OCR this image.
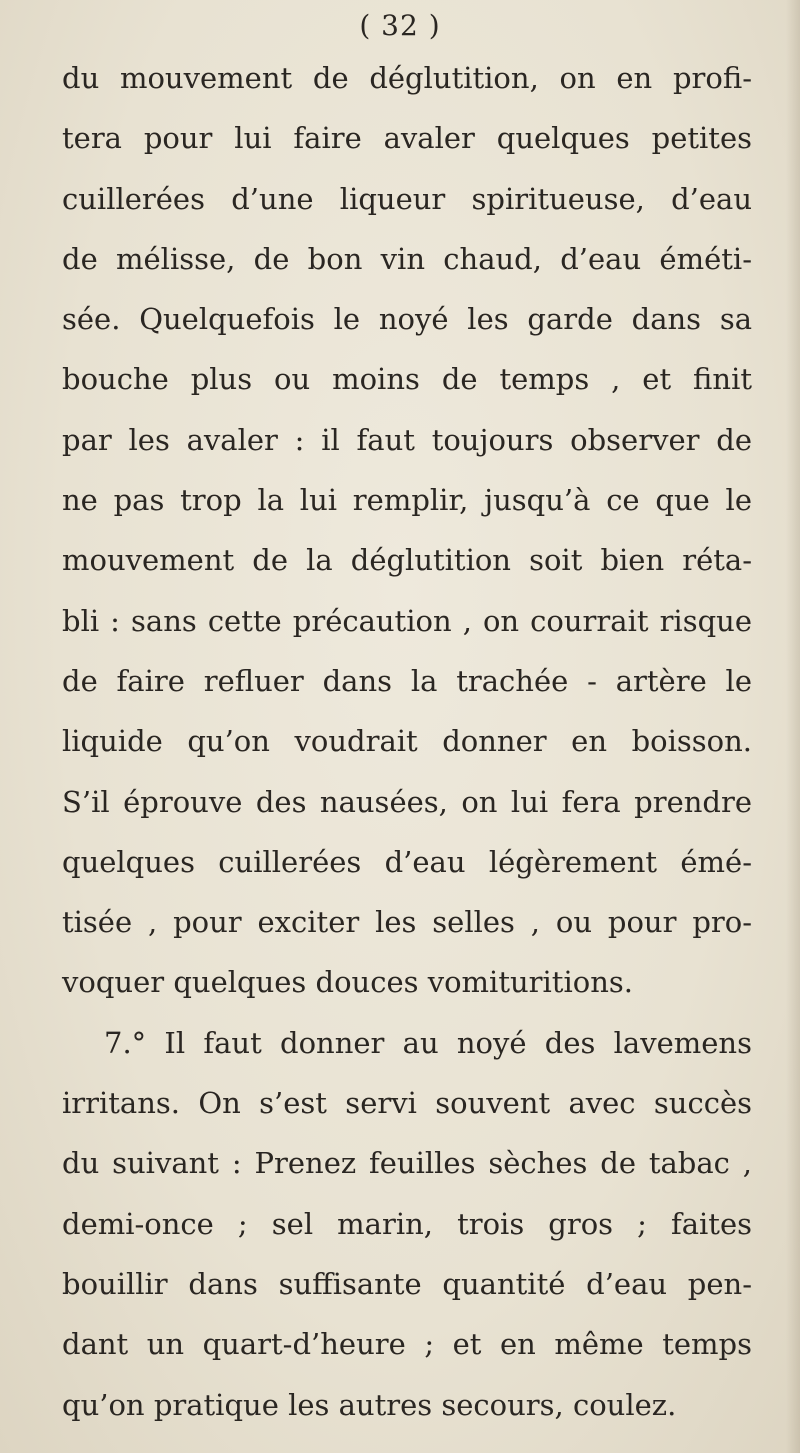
( 32 )
du mouvement de déglutition, on en profi-
tera pour lui faire avaler quelques petites
cuillerées d’une liqueur spiritueuse, d’eau
de mélisse, de bon vin chaud, d’eau éméti-
sée. Quelquefois le noyé les garde dans sa
bouche plus ou moins de temps , et finit
par les avaler : il faut toujours observer de
ne pas trop la lui remplir, jusqu’à ce que le
mouvement de la déglutition soit bien réta-
bli : sans cette précaution , on courrait risque
de faire refluer dans la trachée - artère le
liquide qu’on voudrait donner en boisson.
S’il éprouve des nausées, on lui fera prendre
quelques cuillerées d’eau légèrement émé-
tisée , pour exciter les selles , ou pour pro-
voquer quelques douces vomituritions.
7.° Il faut donner au noyé des lavemens
irritans. On s’est servi souvent avec succès
du suivant : Prenez feuilles sèches de tabac ,
demi-once ; sel marin, trois gros ; faites
bouillir dans suffisante quantité d’eau pen-
dant un quart-d’heure ; et en même temps
qu’on pratique les autres secours, coulez.
